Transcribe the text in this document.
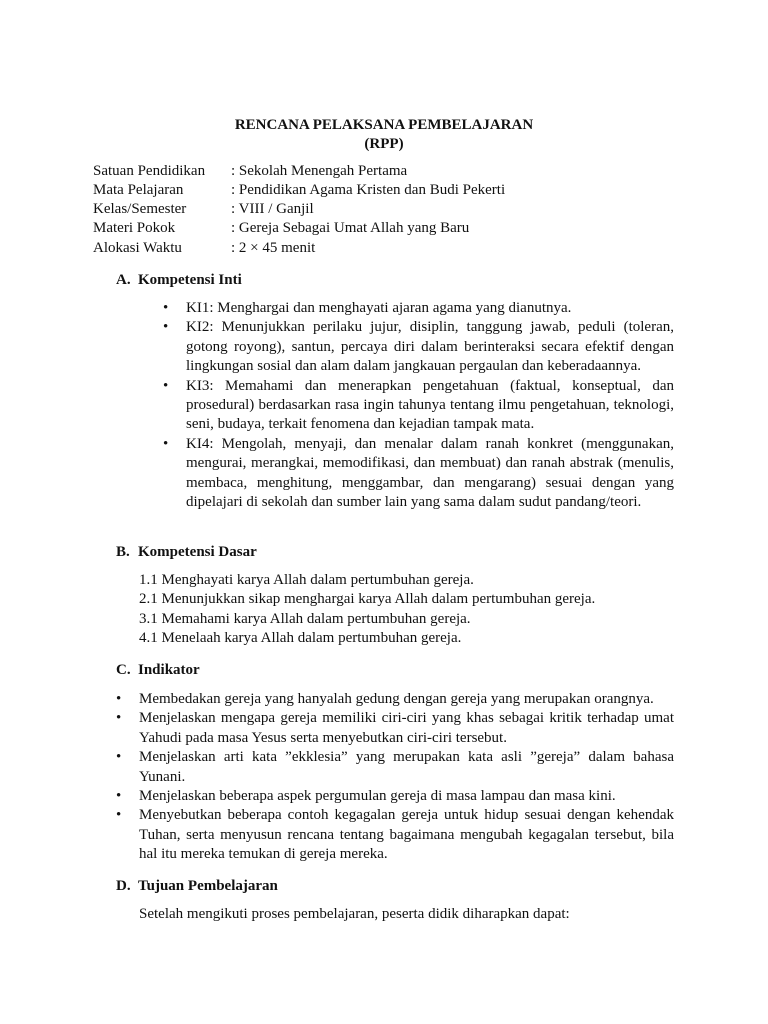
RENCANA PELAKSANA PEMBELAJARAN
(RPP)
Satuan Pendidikan : Sekolah Menengah Pertama
Mata Pelajaran	: Pendidikan Agama Kristen dan Budi Pekerti
Kelas/Semester	: VIII / Ganjil
Materi Pokok	: Gereja Sebagai Umat Allah yang Baru
Alokasi Waktu	: 2 × 45 menit
A. Kompetensi Inti
• KI1: Menghargai dan menghayati ajaran agama yang dianutnya.
• KI2: Menunjukkan perilaku jujur, disiplin, tanggung jawab, peduli (toleran, gotong royong), santun, percaya diri dalam berinteraksi secara efektif dengan lingkungan sosial dan alam dalam jangkauan pergaulan dan keberadaannya.
• KI3: Memahami dan menerapkan pengetahuan (faktual, konseptual, dan prosedural) berdasarkan rasa ingin tahunya tentang ilmu pengetahuan, teknologi, seni, budaya, terkait fenomena dan kejadian tampak mata.
• KI4: Mengolah, menyaji, dan menalar dalam ranah konkret (menggunakan, mengurai, merangkai, memodifikasi, dan membuat) dan ranah abstrak (menulis, membaca, menghitung, menggambar, dan mengarang) sesuai dengan yang dipelajari di sekolah dan sumber lain yang sama dalam sudut pandang/teori.
B. Kompetensi Dasar
1.1 Menghayati karya Allah dalam pertumbuhan gereja.
2.1 Menunjukkan sikap menghargai karya Allah dalam pertumbuhan gereja.
3.1 Memahami karya Allah dalam pertumbuhan gereja.
4.1 Menelaah karya Allah dalam pertumbuhan gereja.
C. Indikator
• Membedakan gereja yang hanyalah gedung dengan gereja yang merupakan orangnya.
• Menjelaskan mengapa gereja memiliki ciri-ciri yang khas sebagai kritik terhadap umat Yahudi pada masa Yesus serta menyebutkan ciri-ciri tersebut.
• Menjelaskan arti kata ”ekklesia” yang merupakan kata asli ”gereja” dalam bahasa Yunani.
• Menjelaskan beberapa aspek pergumulan gereja di masa lampau dan masa kini.
• Menyebutkan beberapa contoh kegagalan gereja untuk hidup sesuai dengan kehendak Tuhan, serta menyusun rencana tentang bagaimana mengubah kegagalan tersebut, bila hal itu mereka temukan di gereja mereka.
D. Tujuan Pembelajaran
Setelah mengikuti proses pembelajaran, peserta didik diharapkan dapat:
